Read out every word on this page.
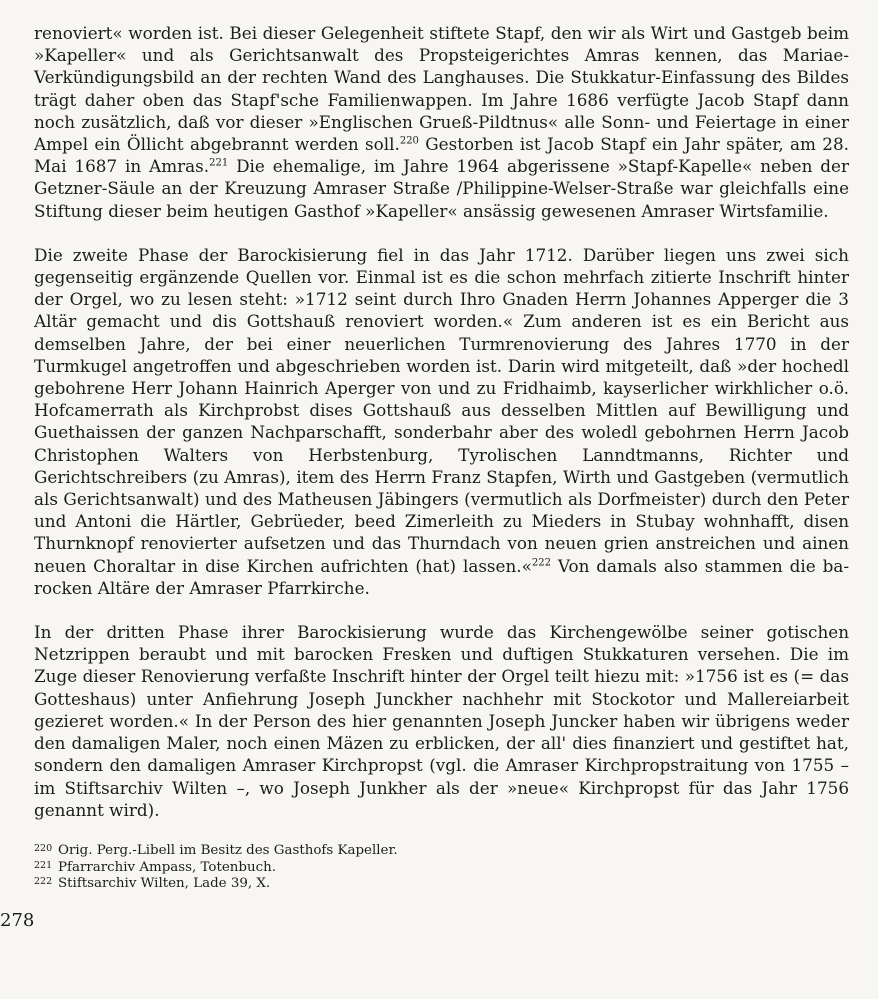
renoviert« worden ist. Bei dieser Gelegenheit stiftete Stapf, den wir als Wirt und Gastgeb beim »Kapeller« und als Gerichtsanwalt des Propsteigerichtes Amras kennen, das Mariae-Verkündigungsbild an der rechten Wand des Langhauses. Die Stukkatur-Einfassung des Bildes trägt daher oben das Stapf'sche Familienwappen. Im Jahre 1686 verfügte Jacob Stapf dann noch zusätzlich, daß vor dieser »Englischen Grueß-Pildtnus« alle Sonn- und Feiertage in einer Ampel ein Öllicht abgebrannt werden soll.$^{220}$ Gestorben ist Jacob Stapf ein Jahr später, am 28. Mai 1687 in Amras.$^{221}$ Die ehemalige, im Jahre 1964 abgerissene »Stapf-Kapelle« neben der Getzner-Säule an der Kreuzung Amraser Straße /Philippine-Welser-Straße war gleichfalls eine Stiftung dieser beim heutigen Gasthof »Kapeller« ansässig gewesenen Amraser Wirtsfamilie.

Die zweite Phase der Barockisierung fiel in das Jahr 1712. Darüber liegen uns zwei sich gegenseitig ergänzende Quellen vor. Einmal ist es die schon mehrfach zitierte Inschrift hinter der Orgel, wo zu lesen steht: »1712 seint durch Ihro Gnaden Herrn Johannes Apperger die 3 Altär gemacht und dis Gottshauß renoviert worden.« Zum anderen ist es ein Bericht aus demselben Jahre, der bei einer neuerlichen Turmrenovierung des Jahres 1770 in der Turmkugel angetroffen und abgeschrieben worden ist. Darin wird mitgeteilt, daß »der hochedl gebohrene Herr Johann Hainrich Aperger von und zu Fridhaimb, kayserlicher wirkhlicher o.ö. Hofcamerrath als Kirchprobst dises Gottshauß aus desselben Mittlen auf Bewilligung und Guethaissen der ganzen Nachparschafft, sonderbahr aber des woledl gebohrnen Herrn Jacob Christophen Walters von Herbstenburg, Tyrolischen Lanndtmanns, Richter und Gerichtschreibers (zu Amras), item des Herrn Franz Stapfen, Wirth und Gastgeben (vermutlich als Gerichtsanwalt) und des Matheusen Jäbingers (vermutlich als Dorfmeister) durch den Peter und Antoni die Härtler, Gebrüeder, beed Zimerleith zu Mieders in Stubay wohnhafft, disen Thurnknopf renovierter aufsetzen und das Thurndach von neuen grien anstreichen und ainen neuen Choraltar in dise Kirchen aufrichten (hat) lassen.«$^{222}$ Von damals also stammen die barocken Altäre der Amraser Pfarrkirche.

In der dritten Phase ihrer Barockisierung wurde das Kirchengewölbe seiner gotischen Netzrippen beraubt und mit barocken Fresken und duftigen Stukkaturen versehen. Die im Zuge dieser Renovierung verfaßte Inschrift hinter der Orgel teilt hiezu mit: »1756 ist es (= das Gotteshaus) unter Anfiehrung Joseph Junckher nachhehr mit Stockotor und Mallereiarbeit gezieret worden.« In der Person des hier genannten Joseph Juncker haben wir übrigens weder den damaligen Maler, noch einen Mäzen zu erblicken, der all' dies finanziert und gestiftet hat, sondern den damaligen Amraser Kirchpropst (vgl. die Amraser Kirchpropstraitung von 1755 – im Stiftsarchiv Wilten –, wo Joseph Junkher als der »neue« Kirchpropst für das Jahr 1756 genannt wird).

220 Orig. Perg.-Libell im Besitz des Gasthofs Kapeller.

221 Pfarrarchiv Ampass, Totenbuch.

222 Stiftsarchiv Wilten, Lade 39, X.

278
